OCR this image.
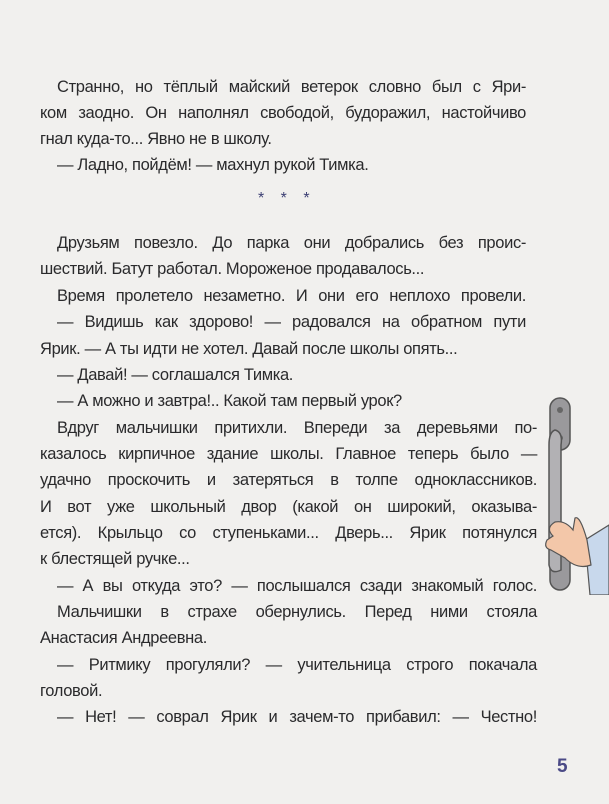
Странно, но тёплый майский ветерок словно был с Яри-
ком заодно. Он наполнял свободой, будоражил, настойчиво
гнал куда-то... Явно не в школу.
— Ладно, пойдём! — махнул рукой Тимка.
* * *
Друзьям повезло. До парка они добрались без проис-
шествий. Батут работал. Мороженое продавалось...
Время пролетело незаметно. И они его неплохо провели.
— Видишь как здорово! — радовался на обратном пути
Ярик. — А ты идти не хотел. Давай после школы опять...
— Давай! — соглашался Тимка.
— А можно и завтра!.. Какой там первый урок?
Вдруг мальчишки притихли. Впереди за деревьями по-
казалось кирпичное здание школы. Главное теперь было —
удачно проскочить и затеряться в толпе одноклассников.
И вот уже школьный двор (какой он широкий, оказыва-
ется). Крыльцо со ступеньками... Дверь... Ярик потянулся
к блестящей ручке...
— А вы откуда это? — послышался сзади знакомый голос.
Мальчишки в страхе обернулись. Перед ними стояла
Анастасия Андреевна.
— Ритмику прогуляли? — учительница строго покачала
головой.
— Нет! — соврал Ярик и зачем-то прибавил: — Честно!
5
